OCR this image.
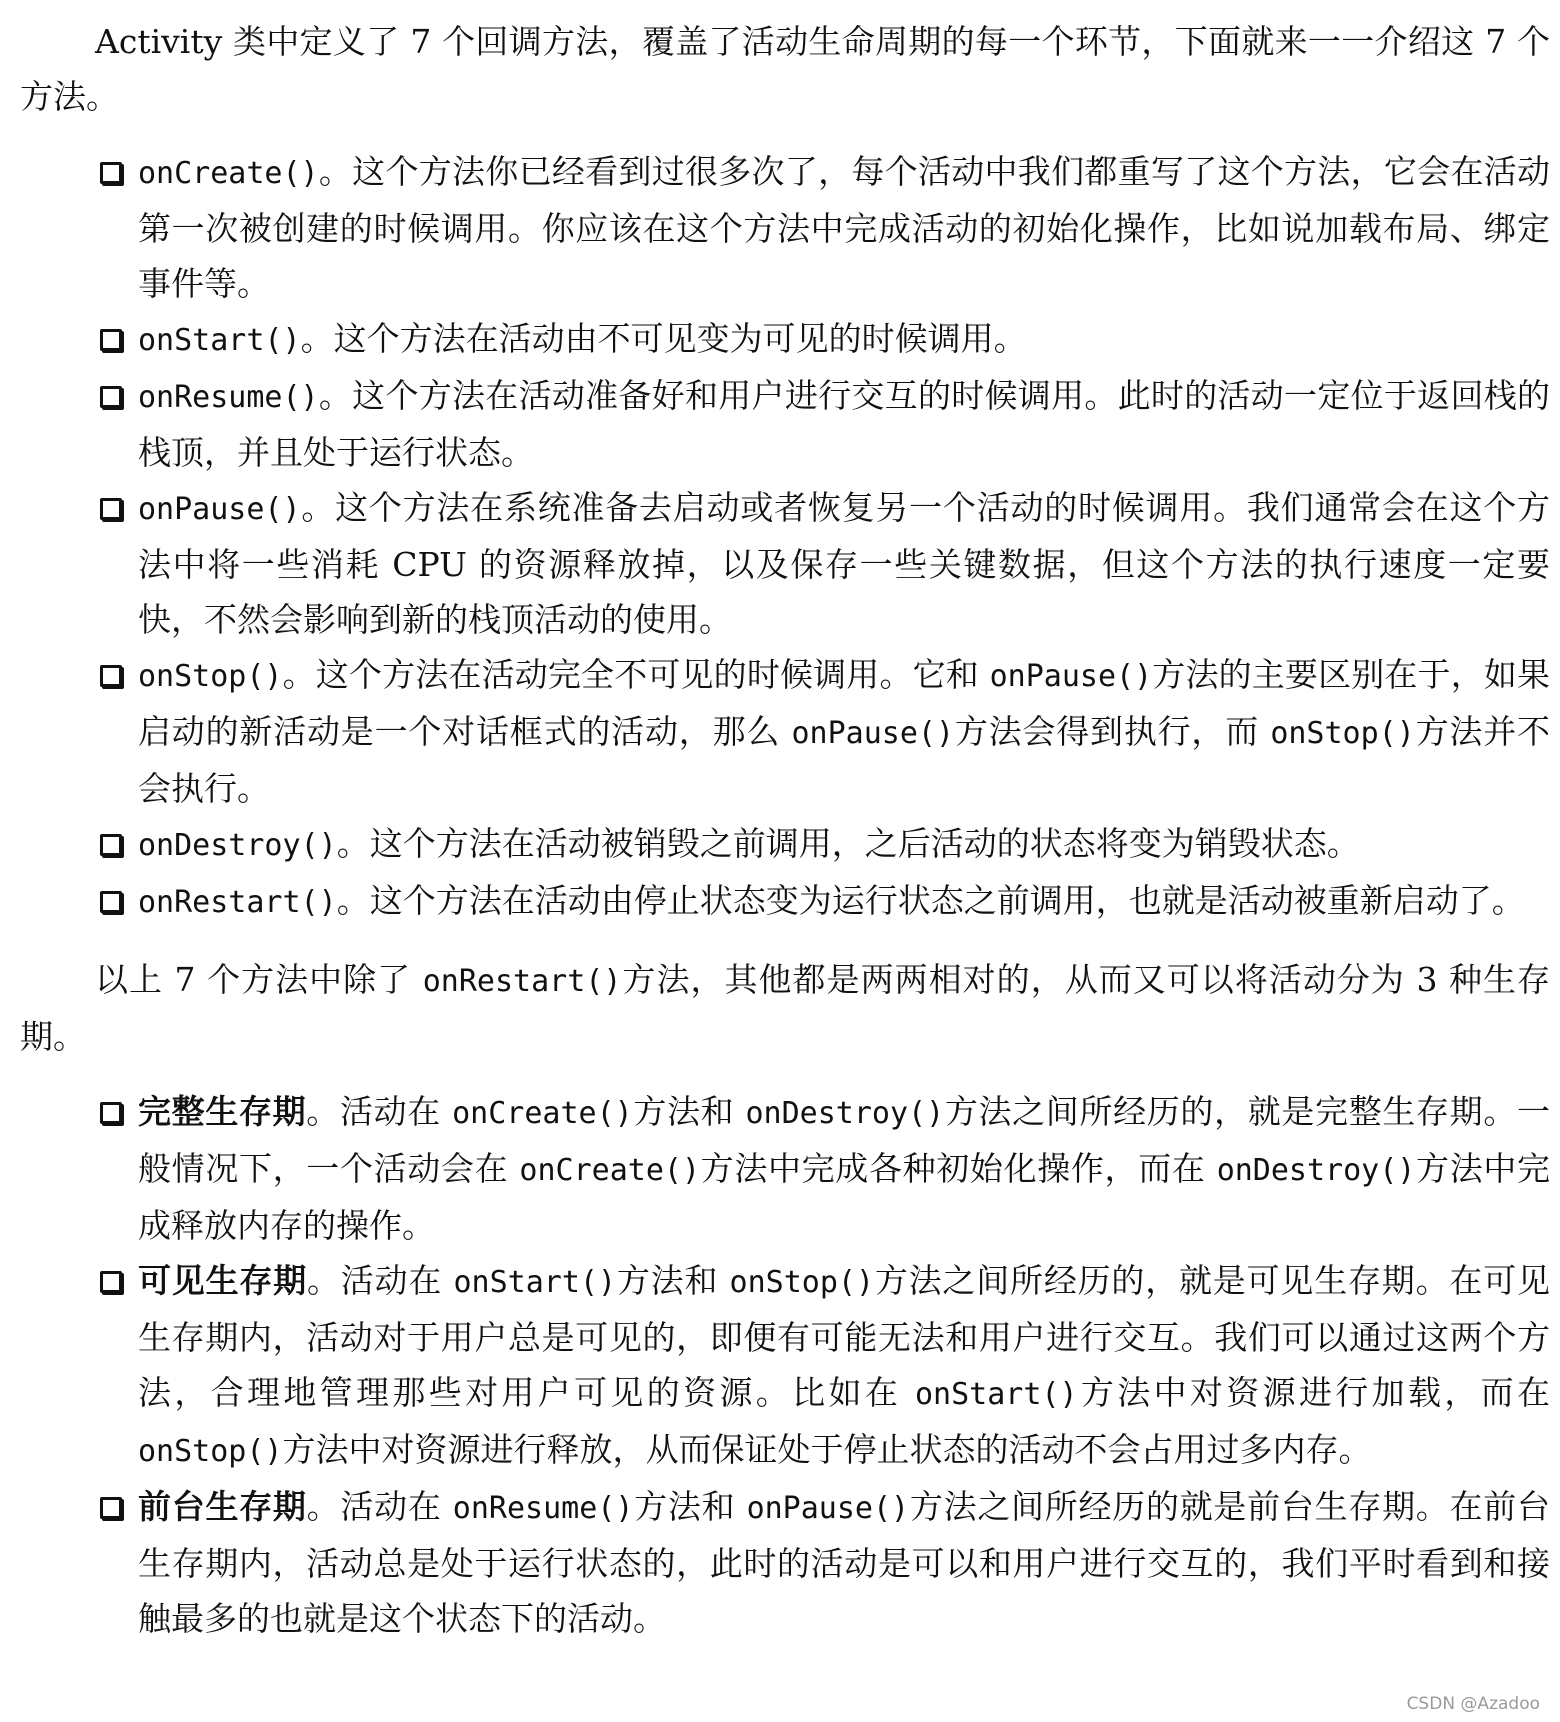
Activity 类中定义了 7 个回调方法，覆盖了活动生命周期的每一个环节，下面就来一一介绍这 7 个方法。

onCreate()。这个方法你已经看到过很多次了，每个活动中我们都重写了这个方法，它会在活动第一次被创建的时候调用。你应该在这个方法中完成活动的初始化操作，比如说加载布局、绑定事件等。
onStart()。这个方法在活动由不可见变为可见的时候调用。
onResume()。这个方法在活动准备好和用户进行交互的时候调用。此时的活动一定位于返回栈的栈顶，并且处于运行状态。
onPause()。这个方法在系统准备去启动或者恢复另一个活动的时候调用。我们通常会在这个方法中将一些消耗 CPU 的资源释放掉，以及保存一些关键数据，但这个方法的执行速度一定要快，不然会影响到新的栈顶活动的使用。
onStop()。这个方法在活动完全不可见的时候调用。它和 onPause()方法的主要区别在于，如果启动的新活动是一个对话框式的活动，那么 onPause()方法会得到执行，而 onStop()方法并不会执行。
onDestroy()。这个方法在活动被销毁之前调用，之后活动的状态将变为销毁状态。
onRestart()。这个方法在活动由停止状态变为运行状态之前调用，也就是活动被重新启动了。

以上 7 个方法中除了 onRestart()方法，其他都是两两相对的，从而又可以将活动分为 3 种生存期。

完整生存期。活动在 onCreate()方法和 onDestroy()方法之间所经历的，就是完整生存期。一般情况下，一个活动会在 onCreate()方法中完成各种初始化操作，而在 onDestroy()方法中完成释放内存的操作。
可见生存期。活动在 onStart()方法和 onStop()方法之间所经历的，就是可见生存期。在可见生存期内，活动对于用户总是可见的，即便有可能无法和用户进行交互。我们可以通过这两个方法，合理地管理那些对用户可见的资源。比如在 onStart()方法中对资源进行加载，而在 onStop()方法中对资源进行释放，从而保证处于停止状态的活动不会占用过多内存。
前台生存期。活动在 onResume()方法和 onPause()方法之间所经历的就是前台生存期。在前台生存期内，活动总是处于运行状态的，此时的活动是可以和用户进行交互的，我们平时看到和接触最多的也就是这个状态下的活动。
CSDN @Azadoo
